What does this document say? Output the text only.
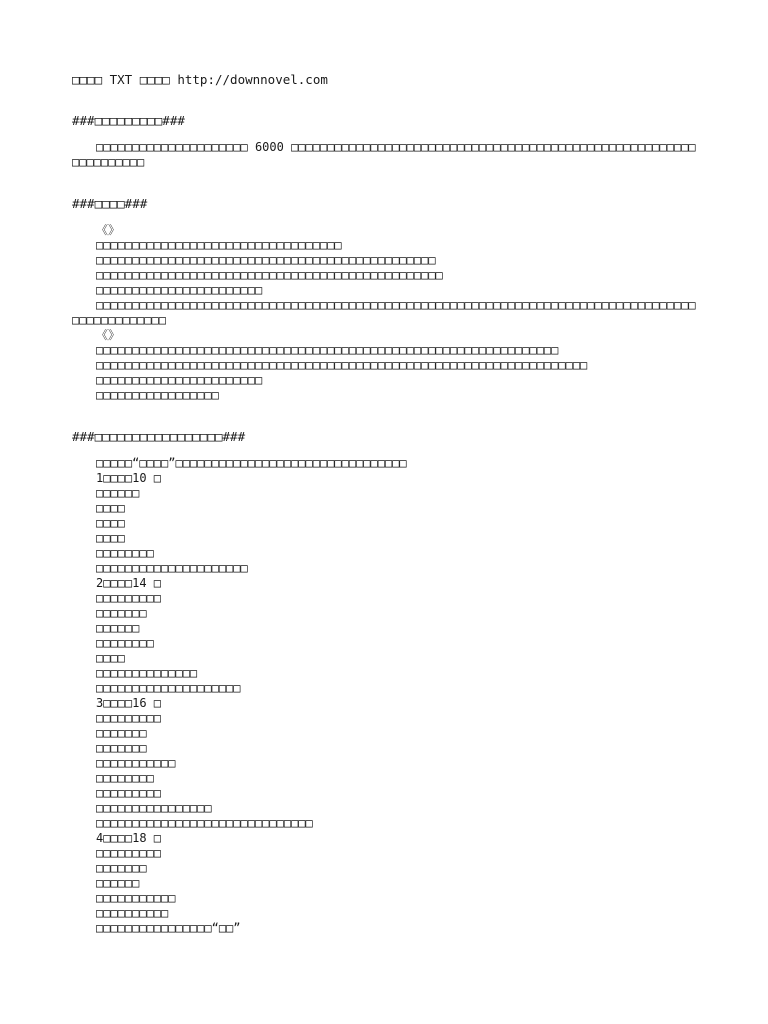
□□□□ TXT □□□□ http://downnovel.com
###□□□□□□□□□###
□□□□□□□□□□□□□□□□□□□□□ 6000 □□□□□□□□□□□□□□□□□□□□□□□□□□□□□□□□□□□□□□□□□□□□□□□□□□□□□□□□□□□□□□□□□□
###□□□□###
《》
□□□□□□□□□□□□□□□□□□□□□□□□□□□□□□□□□□
□□□□□□□□□□□□□□□□□□□□□□□□□□□□□□□□□□□□□□□□□□□□□□□
□□□□□□□□□□□□□□□□□□□□□□□□□□□□□□□□□□□□□□□□□□□□□□□□
□□□□□□□□□□□□□□□□□□□□□□□
□□□□□□□□□□□□□□□□□□□□□□□□□□□□□□□□□□□□□□□□□□□□□□□□□□□□□□□□□□□□□□□□□□□□□□□□□□□□□□□□□□□□□□□□□□□□□□□□
《》
□□□□□□□□□□□□□□□□□□□□□□□□□□□□□□□□□□□□□□□□□□□□□□□□□□□□□□□□□□□□□□□□
□□□□□□□□□□□□□□□□□□□□□□□□□□□□□□□□□□□□□□□□□□□□□□□□□□□□□□□□□□□□□□□□□□□□
□□□□□□□□□□□□□□□□□□□□□□□
□□□□□□□□□□□□□□□□□
###□□□□□□□□□□□□□□□□□###
□□□□□“□□□□”□□□□□□□□□□□□□□□□□□□□□□□□□□□□□□□□
1□□□□10 □
□□□□□□
□□□□
□□□□
□□□□
□□□□□□□□
□□□□□□□□□□□□□□□□□□□□□
2□□□□14 □
□□□□□□□□□
□□□□□□□
□□□□□□
□□□□□□□□
□□□□
□□□□□□□□□□□□□□
□□□□□□□□□□□□□□□□□□□□
3□□□□16 □
□□□□□□□□□
□□□□□□□
□□□□□□□
□□□□□□□□□□□
□□□□□□□□
□□□□□□□□□
□□□□□□□□□□□□□□□□
□□□□□□□□□□□□□□□□□□□□□□□□□□□□□□
4□□□□18 □
□□□□□□□□□
□□□□□□□
□□□□□□
□□□□□□□□□□□
□□□□□□□□□□
□□□□□□□□□□□□□□□□“□□”
